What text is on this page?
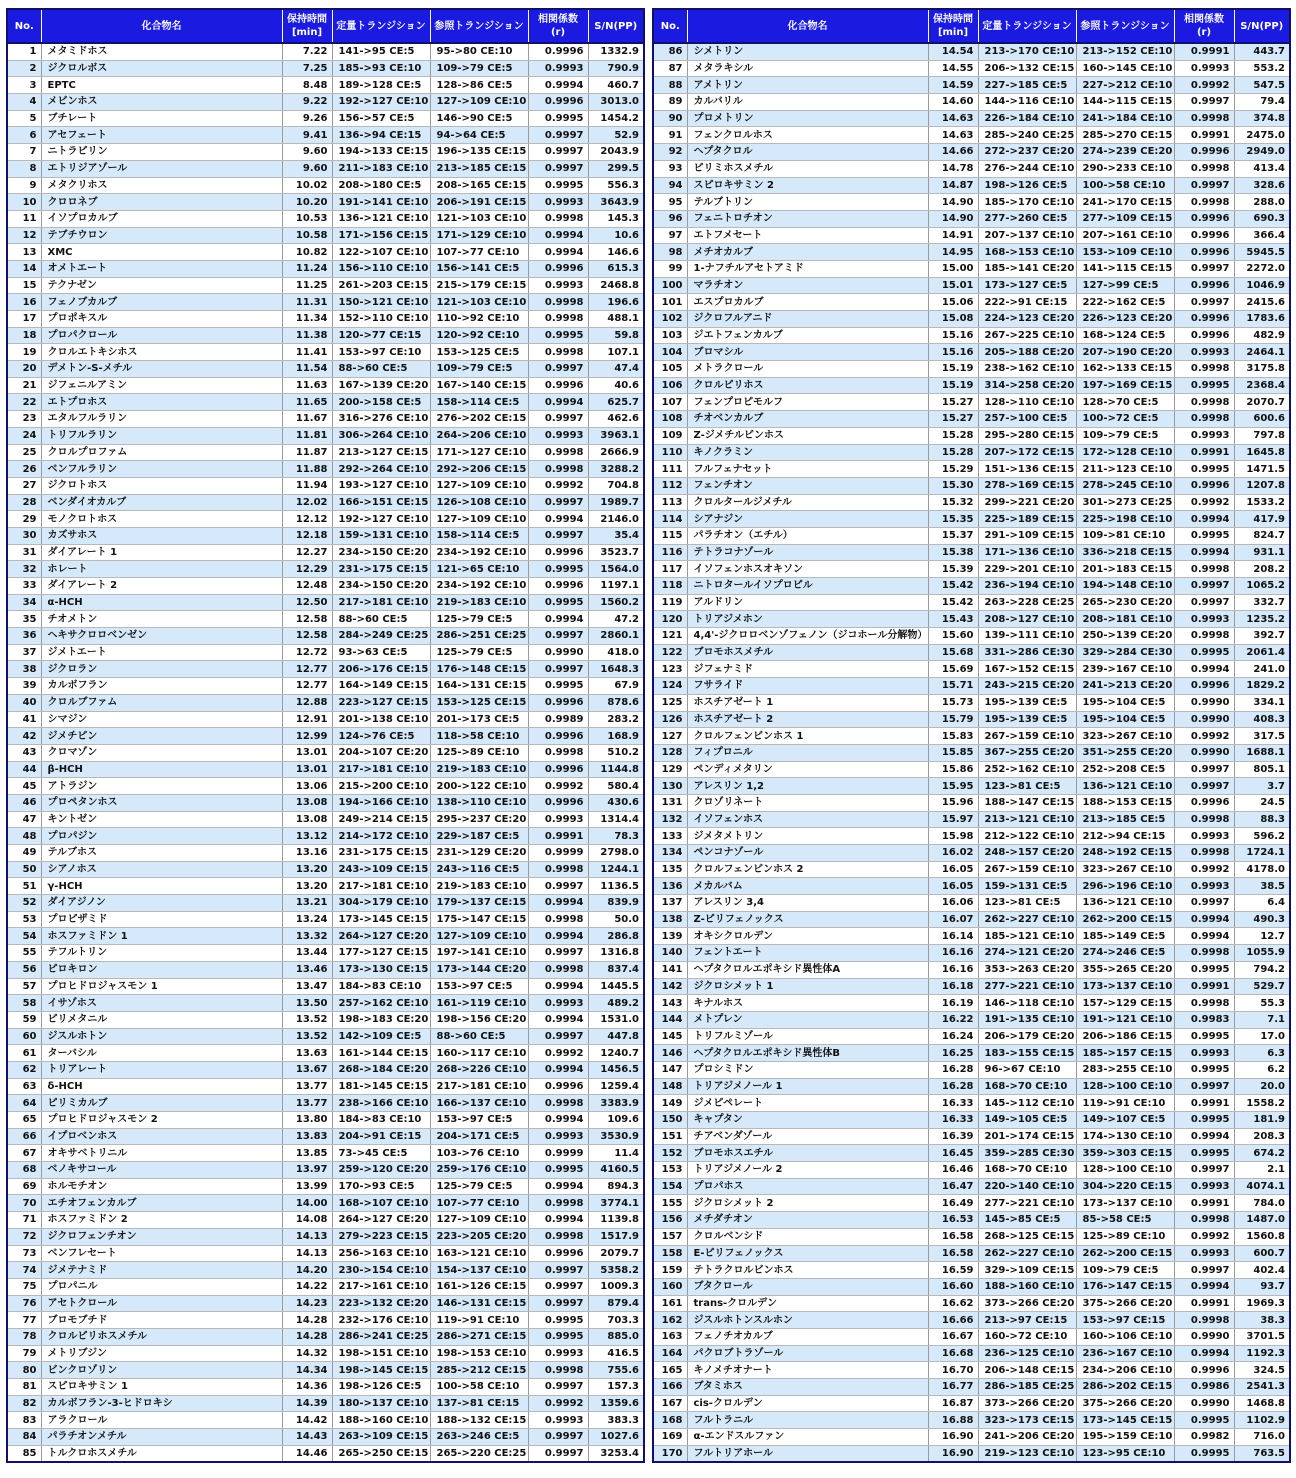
No.	化合物名	保持時間
[min]	定量トランジション	参照トランジション	相関係数
(r)	S/N(PP)
1	メタミドホス	7.22	141->95 CE:5	95->80 CE:10	0.9996	1332.9
2	ジクロルボス	7.25	185->93 CE:10	109->79 CE:5	0.9993	790.9
3	EPTC	8.48	189->128 CE:5	128->86 CE:5	0.9994	460.7
4	メビンホス	9.22	192->127 CE:10	127->109 CE:10	0.9996	3013.0
5	ブチレート	9.26	156->57 CE:5	146->90 CE:5	0.9995	1454.2
6	アセフェート	9.41	136->94 CE:15	94->64 CE:5	0.9997	52.9
7	ニトラピリン	9.60	194->133 CE:15	196->135 CE:15	0.9997	2043.9
8	エトリジアゾール	9.60	211->183 CE:10	213->185 CE:15	0.9997	299.5
9	メタクリホス	10.02	208->180 CE:5	208->165 CE:15	0.9995	556.3
10	クロロネブ	10.20	191->141 CE:10	206->191 CE:15	0.9993	3643.9
11	イソプロカルブ	10.53	136->121 CE:10	121->103 CE:10	0.9998	145.3
12	テブチウロン	10.58	171->156 CE:15	171->129 CE:10	0.9994	10.6
13	XMC	10.82	122->107 CE:10	107->77 CE:10	0.9994	146.6
14	オメトエート	11.24	156->110 CE:10	156->141 CE:5	0.9996	615.3
15	テクナゼン	11.25	261->203 CE:15	215->179 CE:15	0.9993	2468.8
16	フェノブカルブ	11.31	150->121 CE:10	121->103 CE:10	0.9998	196.6
17	プロポキスル	11.34	152->110 CE:10	110->92 CE:10	0.9998	488.1
18	プロパクロール	11.38	120->77 CE:15	120->92 CE:10	0.9995	59.8
19	クロルエトキシホス	11.41	153->97 CE:10	153->125 CE:5	0.9998	107.1
20	デメトン-S-メチル	11.54	88->60 CE:5	109->79 CE:5	0.9997	47.4
21	ジフェニルアミン	11.63	167->139 CE:20	167->140 CE:15	0.9996	40.6
22	エトプロホス	11.65	200->158 CE:5	158->114 CE:5	0.9994	625.7
23	エタルフルラリン	11.67	316->276 CE:10	276->202 CE:15	0.9997	462.6
24	トリフルラリン	11.81	306->264 CE:10	264->206 CE:10	0.9993	3963.1
25	クロルプロファム	11.87	213->127 CE:15	171->127 CE:10	0.9998	2666.9
26	ベンフルラリン	11.88	292->264 CE:10	292->206 CE:15	0.9998	3288.2
27	ジクロトホス	11.94	193->127 CE:10	127->109 CE:10	0.9992	704.8
28	ベンダイオカルブ	12.02	166->151 CE:15	126->108 CE:10	0.9997	1989.7
29	モノクロトホス	12.12	192->127 CE:10	127->109 CE:10	0.9994	2146.0
30	カズサホス	12.18	159->131 CE:10	158->114 CE:5	0.9997	35.4
31	ダイアレート 1	12.27	234->150 CE:20	234->192 CE:10	0.9996	3523.7
32	ホレート	12.29	231->175 CE:15	121->65 CE:10	0.9995	1564.0
33	ダイアレート 2	12.48	234->150 CE:20	234->192 CE:10	0.9996	1197.1
34	α-HCH	12.50	217->181 CE:10	219->183 CE:10	0.9995	1560.2
35	チオメトン	12.58	88->60 CE:5	125->79 CE:5	0.9994	47.2
36	ヘキサクロロベンゼン	12.58	284->249 CE:25	286->251 CE:25	0.9997	2860.1
37	ジメトエート	12.72	93->63 CE:5	125->79 CE:5	0.9990	418.0
38	ジクロラン	12.77	206->176 CE:15	176->148 CE:15	0.9997	1648.3
39	カルボフラン	12.77	164->149 CE:15	164->131 CE:15	0.9995	67.9
40	クロルブファム	12.88	223->127 CE:15	153->125 CE:15	0.9996	878.6
41	シマジン	12.91	201->138 CE:10	201->173 CE:5	0.9989	283.2
42	ジメチピン	12.99	124->76 CE:5	118->58 CE:10	0.9996	168.9
43	クロマゾン	13.01	204->107 CE:20	125->89 CE:10	0.9998	510.2
44	β-HCH	13.01	217->181 CE:10	219->183 CE:10	0.9996	1144.8
45	アトラジン	13.06	215->200 CE:10	200->122 CE:10	0.9992	580.4
46	プロペタンホス	13.08	194->166 CE:10	138->110 CE:10	0.9996	430.6
47	キントゼン	13.08	249->214 CE:15	295->237 CE:20	0.9993	1314.4
48	プロパジン	13.12	214->172 CE:10	229->187 CE:5	0.9991	78.3
49	テルブホス	13.16	231->175 CE:15	231->129 CE:20	0.9999	2798.0
50	シアノホス	13.20	243->109 CE:15	243->116 CE:5	0.9998	1244.1
51	γ-HCH	13.20	217->181 CE:10	219->183 CE:10	0.9997	1136.5
52	ダイアジノン	13.21	304->179 CE:10	179->137 CE:15	0.9994	839.9
53	プロピザミド	13.24	173->145 CE:15	175->147 CE:15	0.9998	50.0
54	ホスファミドン 1	13.32	264->127 CE:20	127->109 CE:10	0.9994	286.8
55	テフルトリン	13.44	177->127 CE:15	197->141 CE:10	0.9997	1316.8
56	ピロキロン	13.46	173->130 CE:15	173->144 CE:20	0.9998	837.4
57	プロヒドロジャスモン 1	13.47	184->83 CE:10	153->97 CE:5	0.9994	1445.5
58	イサゾホス	13.50	257->162 CE:10	161->119 CE:10	0.9993	489.2
59	ピリメタニル	13.52	198->183 CE:20	198->156 CE:20	0.9994	1531.0
60	ジスルホトン	13.52	142->109 CE:5	88->60 CE:5	0.9997	447.8
61	ターバシル	13.63	161->144 CE:15	160->117 CE:10	0.9992	1240.7
62	トリアレート	13.67	268->184 CE:20	268->226 CE:10	0.9994	1456.5
63	δ-HCH	13.77	181->145 CE:15	217->181 CE:10	0.9996	1259.4
64	ピリミカルブ	13.77	238->166 CE:10	166->137 CE:10	0.9998	3383.9
65	プロヒドロジャスモン 2	13.80	184->83 CE:10	153->97 CE:5	0.9994	109.6
66	イプロベンホス	13.83	204->91 CE:15	204->171 CE:5	0.9993	3530.9
67	オキサベトリニル	13.85	73->45 CE:5	103->76 CE:10	0.9999	11.4
68	ベノキサコール	13.97	259->120 CE:20	259->176 CE:10	0.9995	4160.5
69	ホルモチオン	13.99	170->93 CE:5	125->79 CE:5	0.9994	894.3
70	エチオフェンカルブ	14.00	168->107 CE:10	107->77 CE:10	0.9998	3774.1
71	ホスファミドン 2	14.08	264->127 CE:20	127->109 CE:10	0.9994	1139.8
72	ジクロフェンチオン	14.13	279->223 CE:15	223->205 CE:20	0.9998	1517.9
73	ベンフレセート	14.13	256->163 CE:10	163->121 CE:10	0.9996	2079.7
74	ジメテナミド	14.20	230->154 CE:10	154->137 CE:10	0.9997	5358.2
75	プロパニル	14.22	217->161 CE:10	161->126 CE:15	0.9997	1009.3
76	アセトクロール	14.23	223->132 CE:20	146->131 CE:15	0.9997	879.4
77	ブロモブチド	14.28	232->176 CE:10	119->91 CE:10	0.9995	703.3
78	クロルピリホスメチル	14.28	286->241 CE:25	286->271 CE:15	0.9995	885.0
79	メトリブジン	14.32	198->151 CE:10	198->153 CE:10	0.9993	416.5
80	ビンクロゾリン	14.34	198->145 CE:15	285->212 CE:15	0.9998	755.6
81	スピロキサミン 1	14.36	198->126 CE:5	100->58 CE:10	0.9997	157.3
82	カルボフラン-3-ヒドロキシ	14.39	180->137 CE:10	137->81 CE:15	0.9992	1359.6
83	アラクロール	14.42	188->160 CE:10	188->132 CE:15	0.9993	383.3
84	パラチオンメチル	14.43	263->109 CE:15	263->246 CE:5	0.9997	1027.6
85	トルクロホスメチル	14.46	265->250 CE:15	265->220 CE:25	0.9997	3253.4
No.	化合物名	保持時間
[min]	定量トランジション	参照トランジション	相関係数
(r)	S/N(PP)
86	シメトリン	14.54	213->170 CE:10	213->152 CE:10	0.9991	443.7
87	メタラキシル	14.55	206->132 CE:15	160->145 CE:10	0.9993	553.2
88	アメトリン	14.59	227->185 CE:5	227->212 CE:10	0.9992	547.5
89	カルバリル	14.60	144->116 CE:10	144->115 CE:15	0.9997	79.4
90	プロメトリン	14.63	226->184 CE:10	241->184 CE:10	0.9998	374.8
91	フェンクロルホス	14.63	285->240 CE:25	285->270 CE:15	0.9991	2475.0
92	ヘプタクロル	14.66	272->237 CE:20	274->239 CE:20	0.9996	2949.0
93	ピリミホスメチル	14.78	276->244 CE:10	290->233 CE:10	0.9998	413.4
94	スピロキサミン 2	14.87	198->126 CE:5	100->58 CE:10	0.9997	328.6
95	テルブトリン	14.90	185->170 CE:10	241->170 CE:15	0.9998	288.0
96	フェニトロチオン	14.90	277->260 CE:5	277->109 CE:15	0.9996	690.3
97	エトフメセート	14.91	207->137 CE:10	207->161 CE:10	0.9996	366.4
98	メチオカルブ	14.95	168->153 CE:10	153->109 CE:10	0.9996	5945.5
99	1-ナフチルアセトアミド	15.00	185->141 CE:20	141->115 CE:15	0.9997	2272.0
100	マラチオン	15.01	173->127 CE:5	127->99 CE:5	0.9996	1046.9
101	エスプロカルブ	15.06	222->91 CE:15	222->162 CE:5	0.9997	2415.6
102	ジクロフルアニド	15.08	224->123 CE:20	226->123 CE:20	0.9996	1783.6
103	ジエトフェンカルブ	15.16	267->225 CE:10	168->124 CE:5	0.9996	482.9
104	ブロマシル	15.16	205->188 CE:20	207->190 CE:20	0.9993	2464.1
105	メトラクロール	15.19	238->162 CE:10	162->133 CE:15	0.9998	3175.8
106	クロルピリホス	15.19	314->258 CE:20	197->169 CE:15	0.9995	2368.4
107	フェンプロピモルフ	15.27	128->110 CE:10	128->70 CE:5	0.9998	2070.7
108	チオベンカルブ	15.27	257->100 CE:5	100->72 CE:5	0.9998	600.6
109	Z-ジメチルビンホス	15.28	295->280 CE:15	109->79 CE:5	0.9993	797.8
110	キノクラミン	15.28	207->172 CE:15	172->128 CE:10	0.9991	1645.8
111	フルフェナセット	15.29	151->136 CE:15	211->123 CE:10	0.9995	1471.5
112	フェンチオン	15.30	278->169 CE:15	278->245 CE:10	0.9996	1207.8
113	クロルタールジメチル	15.32	299->221 CE:20	301->273 CE:25	0.9992	1533.2
114	シアナジン	15.35	225->189 CE:15	225->198 CE:10	0.9994	417.9
115	パラチオン（エチル）	15.37	291->109 CE:15	109->81 CE:10	0.9995	824.7
116	テトラコナゾール	15.38	171->136 CE:10	336->218 CE:15	0.9994	931.1
117	イソフェンホスオキソン	15.39	229->201 CE:10	201->183 CE:15	0.9998	208.2
118	ニトロタールイソプロピル	15.42	236->194 CE:10	194->148 CE:10	0.9997	1065.2
119	アルドリン	15.42	263->228 CE:25	265->230 CE:20	0.9997	332.7
120	トリアジメホン	15.43	208->127 CE:10	208->181 CE:10	0.9993	1235.2
121	4,4'-ジクロロベンゾフェノン（ジコホール分解物）	15.60	139->111 CE:10	250->139 CE:20	0.9998	392.7
122	ブロモホスメチル	15.68	331->286 CE:30	329->284 CE:30	0.9995	2061.4
123	ジフェナミド	15.69	167->152 CE:15	239->167 CE:10	0.9994	241.0
124	フサライド	15.71	243->215 CE:20	241->213 CE:20	0.9996	1829.2
125	ホスチアゼート 1	15.73	195->139 CE:5	195->104 CE:5	0.9990	334.1
126	ホスチアゼート 2	15.79	195->139 CE:5	195->104 CE:5	0.9990	408.3
127	クロルフェンビンホス 1	15.83	267->159 CE:10	323->267 CE:10	0.9992	317.5
128	フィプロニル	15.85	367->255 CE:20	351->255 CE:20	0.9990	1688.1
129	ペンディメタリン	15.86	252->162 CE:10	252->208 CE:5	0.9997	805.1
130	アレスリン 1,2	15.95	123->81 CE:5	136->121 CE:10	0.9997	3.7
131	クロゾリネート	15.96	188->147 CE:15	188->153 CE:15	0.9996	24.5
132	イソフェンホス	15.97	213->121 CE:10	213->185 CE:5	0.9998	88.3
133	ジメタメトリン	15.98	212->122 CE:10	212->94 CE:15	0.9993	596.2
134	ペンコナゾール	16.02	248->157 CE:20	248->192 CE:15	0.9998	1724.1
135	クロルフェンビンホス 2	16.05	267->159 CE:10	323->267 CE:10	0.9992	4178.0
136	メカルバム	16.05	159->131 CE:5	296->196 CE:10	0.9993	38.5
137	アレスリン 3,4	16.06	123->81 CE:5	136->121 CE:10	0.9997	6.4
138	Z-ピリフェノックス	16.07	262->227 CE:10	262->200 CE:15	0.9994	490.3
139	オキシクロルデン	16.14	185->121 CE:10	185->149 CE:5	0.9994	12.7
140	フェントエート	16.16	274->121 CE:20	274->246 CE:5	0.9998	1055.9
141	ヘプタクロルエポキシド異性体A	16.16	353->263 CE:20	355->265 CE:20	0.9995	794.2
142	ジクロシメット 1	16.18	277->221 CE:10	173->137 CE:10	0.9991	529.7
143	キナルホス	16.19	146->118 CE:10	157->129 CE:15	0.9998	55.3
144	メトプレン	16.22	191->135 CE:10	191->121 CE:10	0.9983	7.1
145	トリフルミゾール	16.24	206->179 CE:20	206->186 CE:15	0.9995	17.0
146	ヘプタクロルエポキシド異性体B	16.25	183->155 CE:15	185->157 CE:15	0.9993	6.3
147	プロシミドン	16.28	96->67 CE:10	283->255 CE:10	0.9995	6.2
148	トリアジメノール 1	16.28	168->70 CE:10	128->100 CE:10	0.9997	20.0
149	ジメピペレート	16.33	145->112 CE:10	119->91 CE:10	0.9991	1558.2
150	キャプタン	16.33	149->105 CE:5	149->107 CE:5	0.9995	181.9
151	チアベンダゾール	16.39	201->174 CE:15	174->130 CE:10	0.9994	208.3
152	ブロモホスエチル	16.45	359->285 CE:30	359->303 CE:15	0.9995	674.2
153	トリアジメノール 2	16.46	168->70 CE:10	128->100 CE:10	0.9997	2.1
154	プロパホス	16.47	220->140 CE:10	304->220 CE:15	0.9993	4074.1
155	ジクロシメット 2	16.49	277->221 CE:10	173->137 CE:10	0.9991	784.0
156	メチダチオン	16.53	145->85 CE:5	85->58 CE:5	0.9998	1487.0
157	クロルベンシド	16.58	268->125 CE:15	125->89 CE:10	0.9992	1560.8
158	E-ピリフェノックス	16.58	262->227 CE:10	262->200 CE:15	0.9993	600.7
159	テトラクロルビンホス	16.59	329->109 CE:15	109->79 CE:5	0.9997	402.4
160	ブタクロール	16.60	188->160 CE:10	176->147 CE:15	0.9994	93.7
161	trans-クロルデン	16.62	373->266 CE:20	375->266 CE:20	0.9991	1969.3
162	ジスルホトンスルホン	16.66	213->97 CE:15	153->97 CE:15	0.9998	38.3
163	フェノチオカルブ	16.67	160->72 CE:10	160->106 CE:10	0.9990	3701.5
164	パクロブトラゾール	16.68	236->125 CE:10	236->167 CE:10	0.9994	1192.3
165	キノメチオナート	16.70	206->148 CE:15	234->206 CE:10	0.9996	324.5
166	ブタミホス	16.77	286->185 CE:25	286->202 CE:15	0.9986	2541.3
167	cis-クロルデン	16.87	373->266 CE:20	375->266 CE:20	0.9990	1468.8
168	フルトラニル	16.88	323->173 CE:15	173->145 CE:15	0.9995	1102.9
169	α-エンドスルファン	16.90	241->206 CE:20	195->159 CE:10	0.9982	716.0
170	フルトリアホール	16.90	219->123 CE:10	123->95 CE:10	0.9995	763.5
